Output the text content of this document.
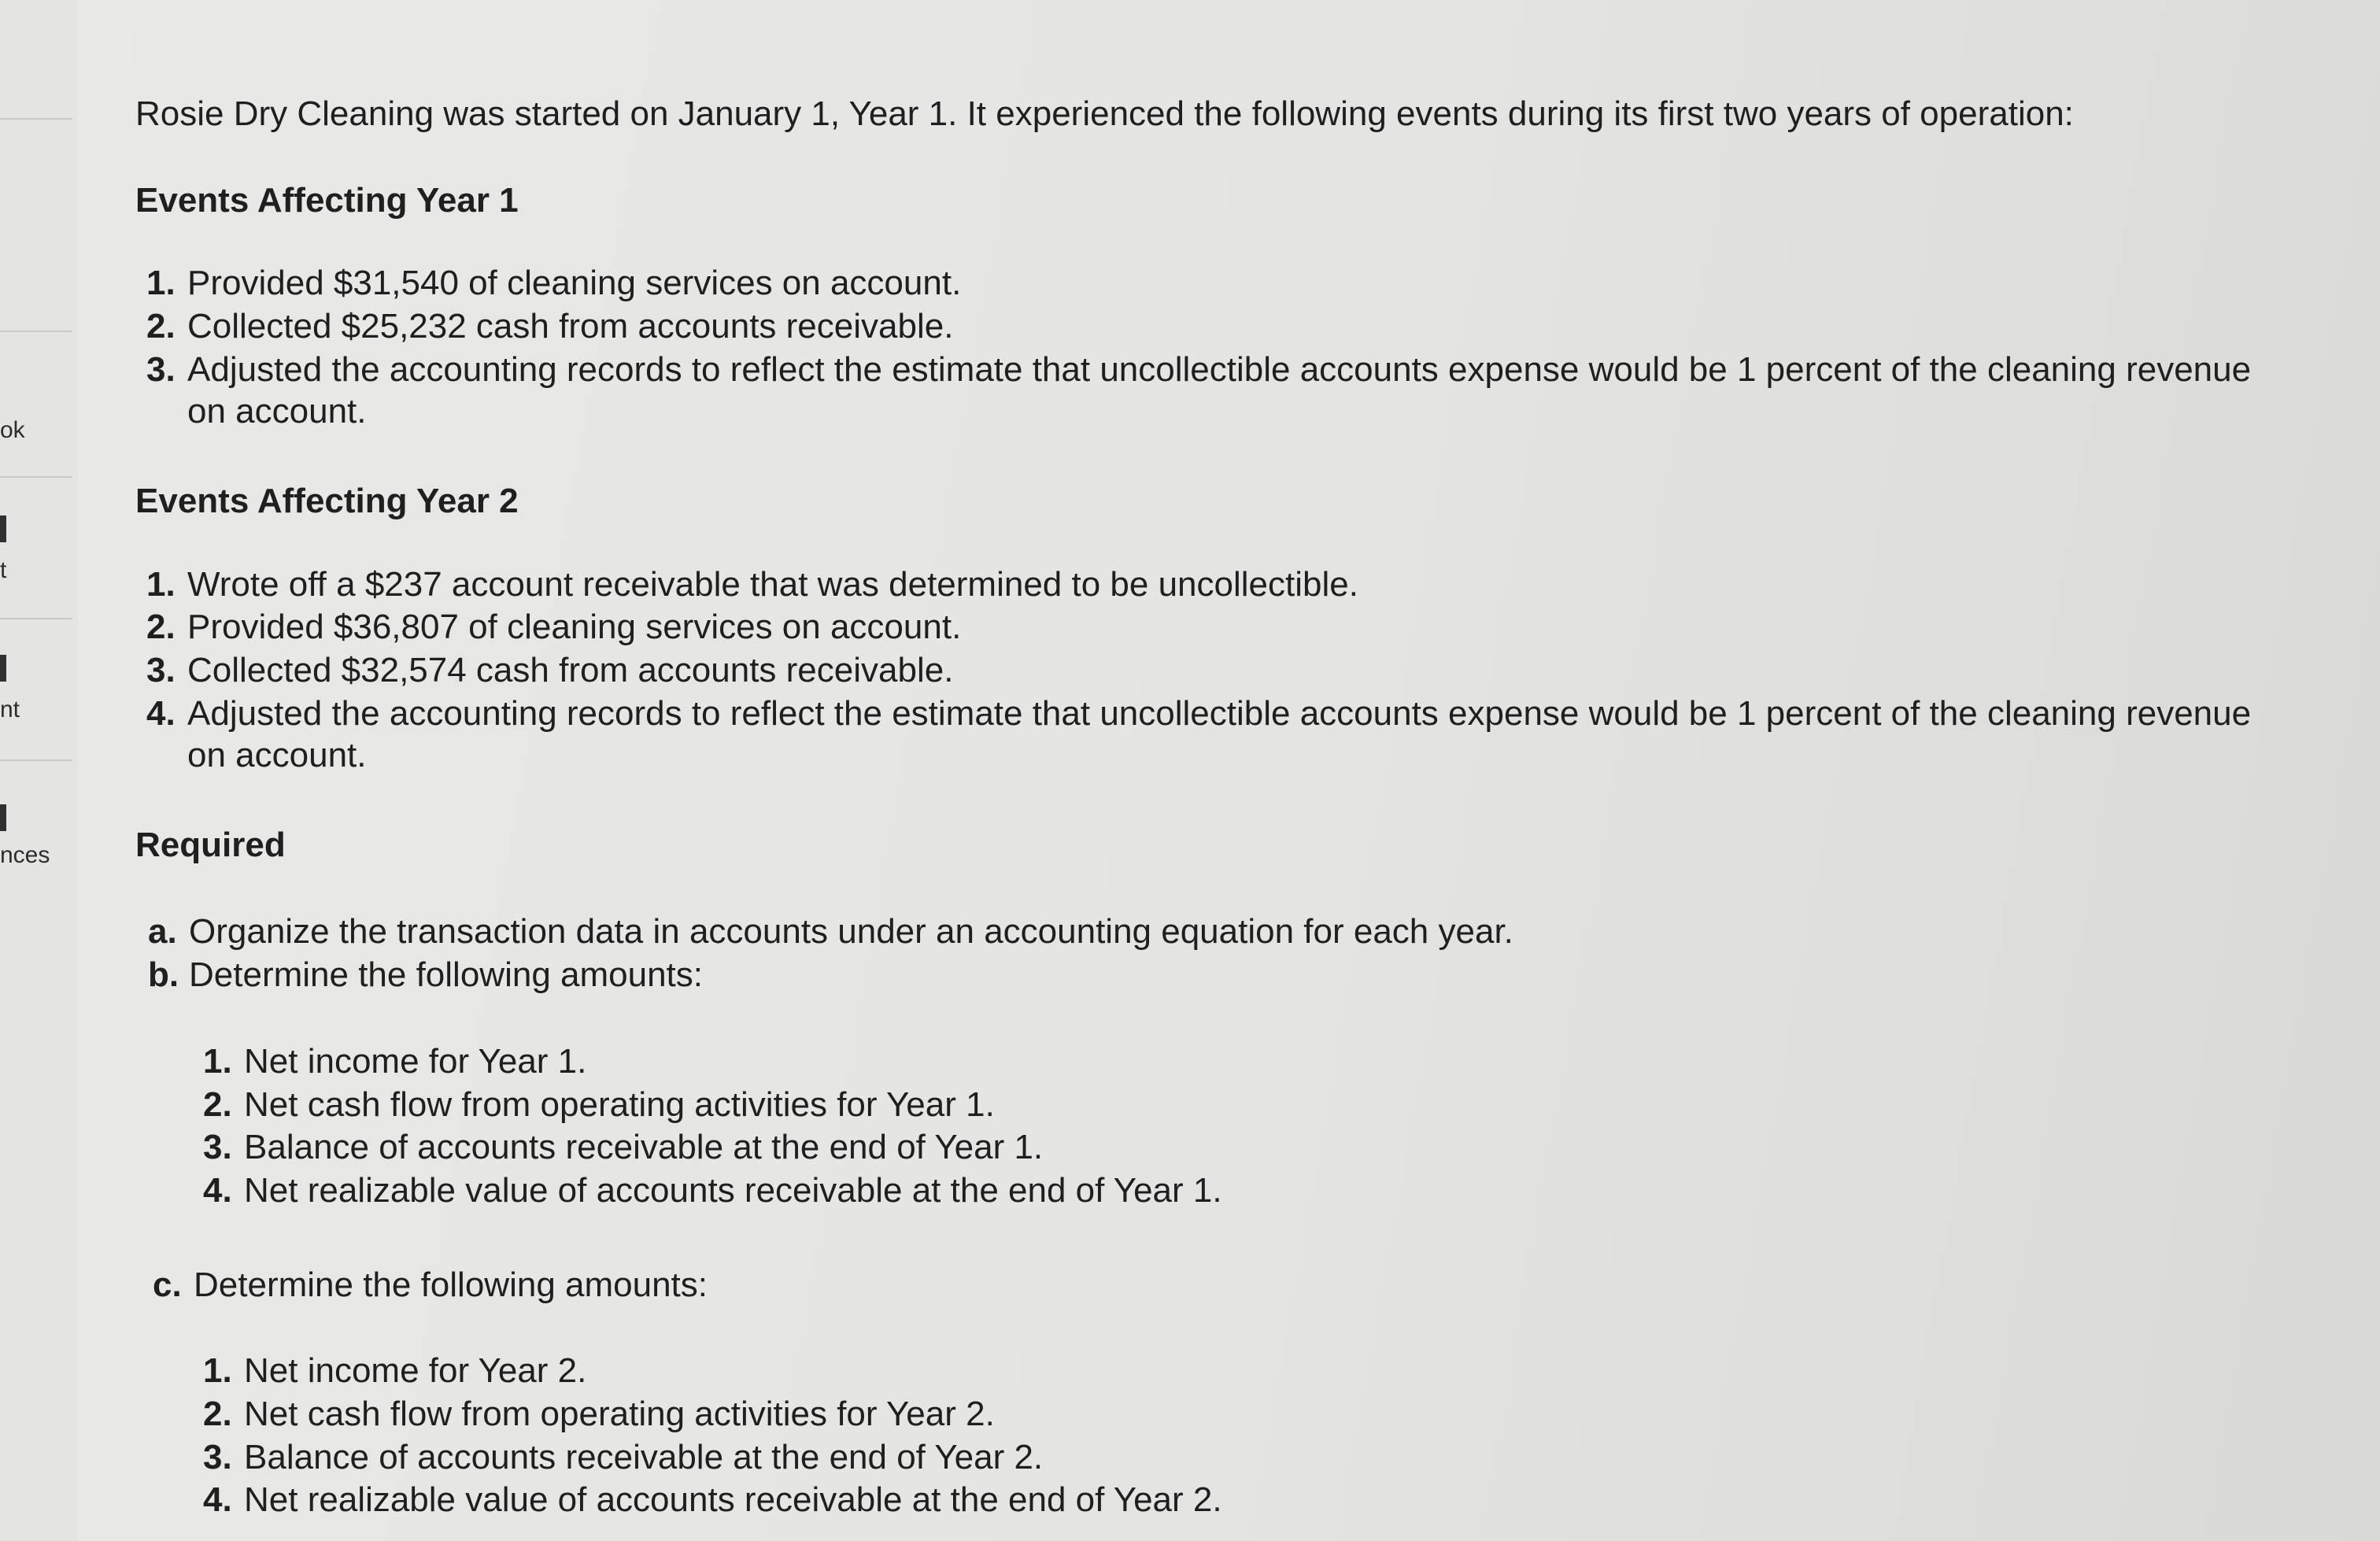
ok
t
nt
nces

Rosie Dry Cleaning was started on January 1, Year 1. It experienced the following events during its first two years of operation:

Events Affecting Year 1
1. Provided $31,540 of cleaning services on account.
2. Collected $25,232 cash from accounts receivable.
3. Adjusted the accounting records to reflect the estimate that uncollectible accounts expense would be 1 percent of the cleaning revenue on account.
Events Affecting Year 2
1. Wrote off a $237 account receivable that was determined to be uncollectible.
2. Provided $36,807 of cleaning services on account.
3. Collected $32,574 cash from accounts receivable.
4. Adjusted the accounting records to reflect the estimate that uncollectible accounts expense would be 1 percent of the cleaning revenue on account.
Required
a. Organize the transaction data in accounts under an accounting equation for each year.
b. Determine the following amounts:
1. Net income for Year 1.
2. Net cash flow from operating activities for Year 1.
3. Balance of accounts receivable at the end of Year 1.
4. Net realizable value of accounts receivable at the end of Year 1.
c. Determine the following amounts:
1. Net income for Year 2.
2. Net cash flow from operating activities for Year 2.
3. Balance of accounts receivable at the end of Year 2.
4. Net realizable value of accounts receivable at the end of Year 2.
